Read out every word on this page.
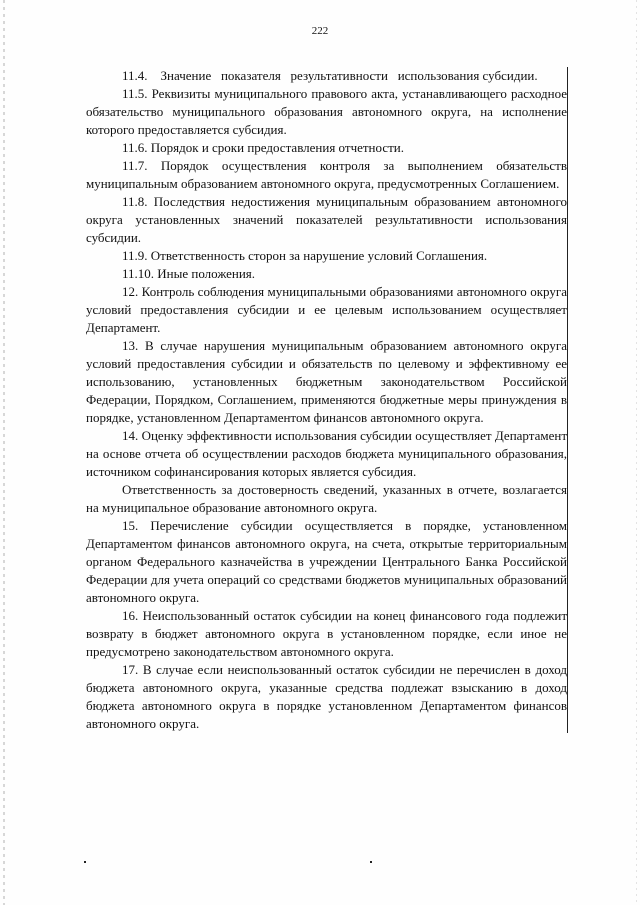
222

11.4.    Значение   показателя   результативности   использования субсидии.

11.5. Реквизиты муниципального правового акта, устанавливающего расходное обязательство муниципального образования автономного округа, на исполнение которого предоставляется субсидия.

11.6. Порядок и сроки предоставления отчетности.

11.7. Порядок осуществления контроля за выполнением обязательств муниципальным образованием автономного округа, предусмотренных Соглашением.

11.8. Последствия недостижения муниципальным образованием автономного округа установленных значений показателей результативности использования субсидии.

11.9. Ответственность сторон за нарушение условий Соглашения.

11.10. Иные положения.

12. Контроль соблюдения муниципальными образованиями автономного округа условий предоставления субсидии и ее целевым использованием осуществляет Департамент.

13. В случае нарушения муниципальным образованием автономного округа условий предоставления субсидии и обязательств по целевому и эффективному ее использованию, установленных бюджетным законодательством Российской Федерации, Порядком, Соглашением, применяются бюджетные меры принуждения в порядке, установленном Департаментом финансов автономного округа.

14. Оценку эффективности использования субсидии осуществляет Департамент на основе отчета об осуществлении расходов бюджета муниципального образования, источником софинансирования которых является субсидия.

Ответственность за достоверность сведений, указанных в отчете, возлагается на муниципальное образование автономного округа.

15. Перечисление субсидии осуществляется в порядке, установленном Департаментом финансов автономного округа, на счета, открытые территориальным органом Федерального казначейства в учреждении Центрального Банка Российской Федерации для учета операций со средствами бюджетов муниципальных образований автономного округа.

16. Неиспользованный остаток субсидии на конец финансового года подлежит возврату в бюджет автономного округа в установленном порядке, если иное не предусмотрено законодательством автономного округа.

17. В случае если неиспользованный остаток субсидии не перечислен в доход бюджета автономного округа, указанные средства подлежат взысканию в доход бюджета автономного округа в порядке установленном Департаментом финансов автономного округа.
